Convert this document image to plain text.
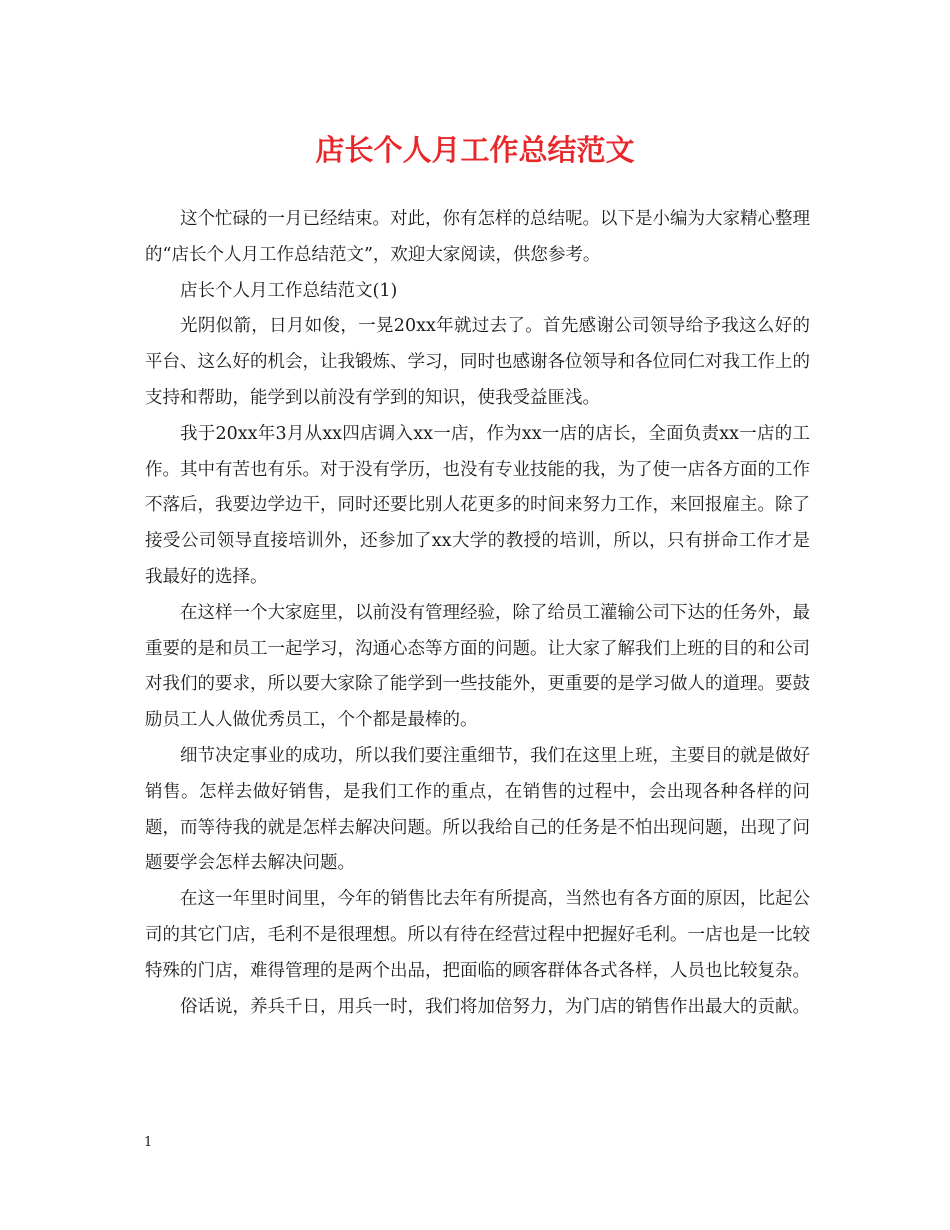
店长个人月工作总结范文

这个忙碌的一月已经结束。对此，你有怎样的总结呢。以下是小编为大家精心整理的“店长个人月工作总结范文”，欢迎大家阅读，供您参考。

店长个人月工作总结范文(1)

光阴似箭，日月如俊，一晃20xx年就过去了。首先感谢公司领导给予我这么好的平台、这么好的机会，让我锻炼、学习，同时也感谢各位领导和各位同仁对我工作上的支持和帮助，能学到以前没有学到的知识，使我受益匪浅。

我于20xx年3月从xx四店调入xx一店，作为xx一店的店长，全面负责xx一店的工作。其中有苦也有乐。对于没有学历，也没有专业技能的我，为了使一店各方面的工作不落后，我要边学边干，同时还要比别人花更多的时间来努力工作，来回报雇主。除了接受公司领导直接培训外，还参加了xx大学的教授的培训，所以，只有拼命工作才是我最好的选择。

在这样一个大家庭里，以前没有管理经验，除了给员工灌输公司下达的任务外，最重要的是和员工一起学习，沟通心态等方面的问题。让大家了解我们上班的目的和公司对我们的要求，所以要大家除了能学到一些技能外，更重要的是学习做人的道理。要鼓励员工人人做优秀员工，个个都是最棒的。

细节决定事业的成功，所以我们要注重细节，我们在这里上班，主要目的就是做好销售。怎样去做好销售，是我们工作的重点，在销售的过程中，会出现各种各样的问题，而等待我的就是怎样去解决问题。所以我给自己的任务是不怕出现问题，出现了问题要学会怎样去解决问题。

在这一年里时间里，今年的销售比去年有所提高，当然也有各方面的原因，比起公司的其它门店，毛利不是很理想。所以有待在经营过程中把握好毛利。一店也是一比较特殊的门店，难得管理的是两个出品，把面临的顾客群体各式各样，人员也比较复杂。

俗话说，养兵千日，用兵一时，我们将加倍努力，为门店的销售作出最大的贡献。

1
